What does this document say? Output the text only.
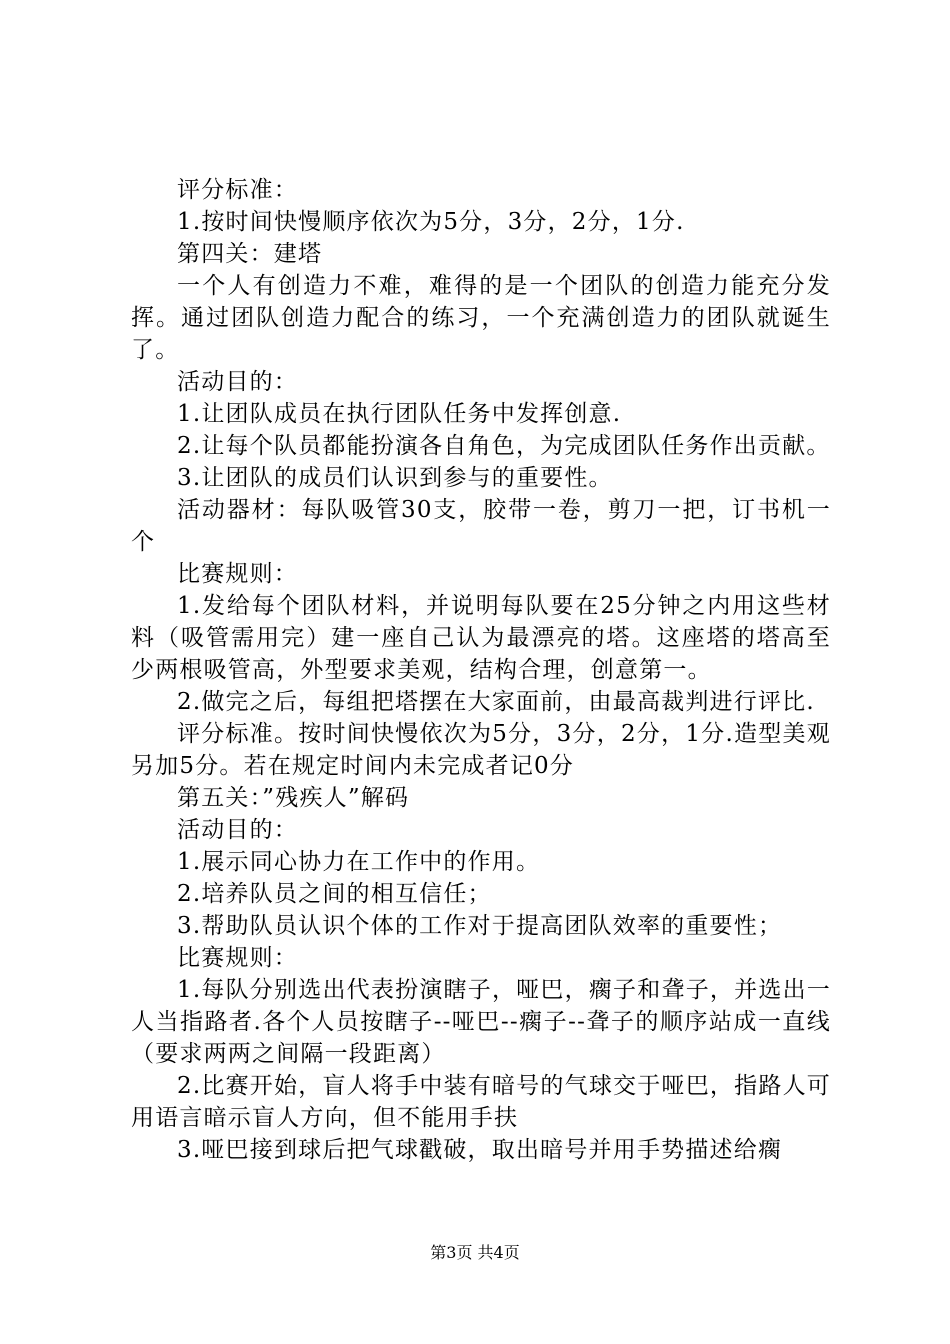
评分标准：

1.按时间快慢顺序依次为5分，3分，2分，1分.

第四关：建塔

一个人有创造力不难，难得的是一个团队的创造力能充分发挥。通过团队创造力配合的练习，一个充满创造力的团队就诞生了。

活动目的：

1.让团队成员在执行团队任务中发挥创意.

2.让每个队员都能扮演各自角色，为完成团队任务作出贡献。

3.让团队的成员们认识到参与的重要性。

活动器材：每队吸管30支，胶带一卷，剪刀一把，订书机一个

比赛规则：

1.发给每个团队材料，并说明每队要在25分钟之内用这些材料（吸管需用完）建一座自己认为最漂亮的塔。这座塔的塔高至少两根吸管高，外型要求美观，结构合理，创意第一。

2.做完之后，每组把塔摆在大家面前，由最高裁判进行评比.

评分标准。按时间快慢依次为5分，3分，2分，1分.造型美观另加5分。若在规定时间内未完成者记0分

第五关：”残疾人”解码

活动目的：

1.展示同心协力在工作中的作用。

2.培养队员之间的相互信任；

3.帮助队员认识个体的工作对于提高团队效率的重要性；

比赛规则：

1.每队分别选出代表扮演瞎子，哑巴，瘸子和聋子，并选出一人当指路者.各个人员按瞎子--哑巴--瘸子--聋子的顺序站成一直线（要求两两之间隔一段距离）

2.比赛开始，盲人将手中装有暗号的气球交于哑巴，指路人可用语言暗示盲人方向，但不能用手扶

3.哑巴接到球后把气球戳破，取出暗号并用手势描述给瘸

第3页 共4页
